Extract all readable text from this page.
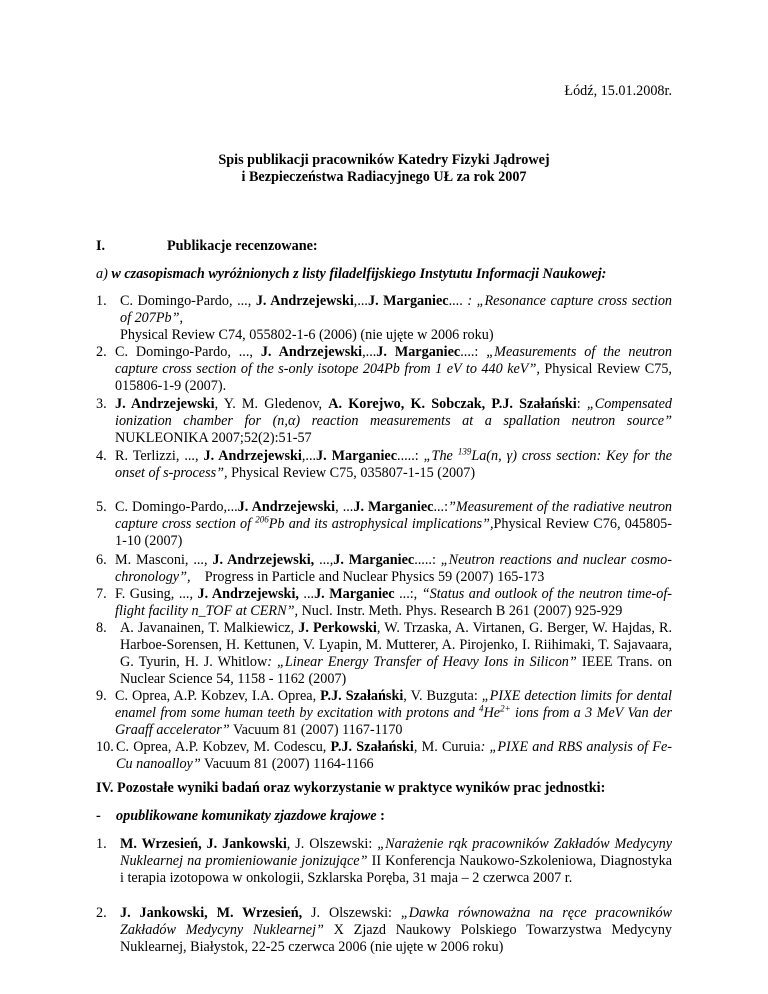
Łódź, 15.01.2008r.
Spis publikacji pracowników Katedry Fizyki Jądrowej
i Bezpieczeństwa Radiacyjnego UŁ za rok 2007
I.	Publikacje recenzowane:
a) w czasopismach wyróżnionych z listy filadelfijskiego Instytutu Informacji Naukowej:
1. C. Domingo-Pardo, ..., J. Andrzejewski,...J. Marganiec.... : „Resonance capture cross section of 207Pb”,
Physical Review C74, 055802-1-6 (2006) (nie ujęte w 2006 roku)
2. C. Domingo-Pardo, ..., J. Andrzejewski,...J. Marganiec....: „Measurements of the neutron capture cross section of the s-only isotope 204Pb from 1 eV to 440 keV”, Physical Review C75, 015806-1-9 (2007).
3. J. Andrzejewski, Y. M. Gledenov, A. Korejwo, K. Sobczak, P.J. Szałański: „Compensated ionization chamber for (n,α) reaction measurements at a spallation neutron source” NUKLEONIKA 2007;52(2):51-57
4. R. Terlizzi, ..., J. Andrzejewski,...J. Marganiec.....: „The $^{139}$La(n, γ) cross section: Key for the onset of s-process”, Physical Review C75, 035807-1-15 (2007)
5. C. Domingo-Pardo,...J. Andrzejewski, ...J. Marganiec...:”Measurement of the radiative neutron capture cross section of $^{206}$Pb and its astrophysical implications”,Physical Review C76, 045805-1-10 (2007)
6. M. Masconi, ..., J. Andrzejewski, ...,J. Marganiec.....: „Neutron reactions and nuclear cosmo-chronology”,    Progress in Particle and Nuclear Physics 59 (2007) 165-173
7. F. Gusing, ..., J. Andrzejewski, ...J. Marganiec ...:, “Status and outlook of the neutron time-of-flight facility n_TOF at CERN”, Nucl. Instr. Meth. Phys. Research B 261 (2007) 925-929
8. A. Javanainen, T. Malkiewicz, J. Perkowski, W. Trzaska, A. Virtanen, G. Berger, W. Hajdas, R. Harboe-Sorensen, H. Kettunen, V. Lyapin, M. Mutterer, A. Pirojenko, I. Riihimaki, T. Sajavaara, G. Tyurin, H. J. Whitlow: „Linear Energy Transfer of Heavy Ions in Silicon” IEEE Trans. on Nuclear Science 54, 1158 - 1162 (2007)
9. C. Oprea, A.P. Kobzev, I.A. Oprea, P.J. Szałański, V. Buzguta: „PIXE detection limits for dental enamel from some human teeth by excitation with protons and $^4He^{2+}$ ions from a 3 MeV Van der Graaff accelerator” Vacuum 81 (2007) 1167-1170
10. C. Oprea, A.P. Kobzev, M. Codescu, P.J. Szałański, M. Curuia: „PIXE and RBS analysis of Fe-Cu nanoalloy” Vacuum 81 (2007) 1164-1166
IV. Pozostałe wyniki badań oraz wykorzystanie w praktyce wyników prac jednostki:
- opublikowane komunikaty zjazdowe krajowe :
1. M. Wrzesień, J. Jankowski, J. Olszewski: „Narażenie rąk pracowników Zakładów Medycyny Nuklearnej na promieniowanie jonizujące” II Konferencja Naukowo-Szkoleniowa, Diagnostyka i terapia izotopowa w onkologii, Szklarska Poręba, 31 maja – 2 czerwca 2007 r.
2. J. Jankowski, M. Wrzesień, J. Olszewski: „Dawka równoważna na ręce pracowników Zakładów Medycyny Nuklearnej” X Zjazd Naukowy Polskiego Towarzystwa Medycyny Nuklearnej, Białystok, 22-25 czerwca 2006 (nie ujęte w 2006 roku)
